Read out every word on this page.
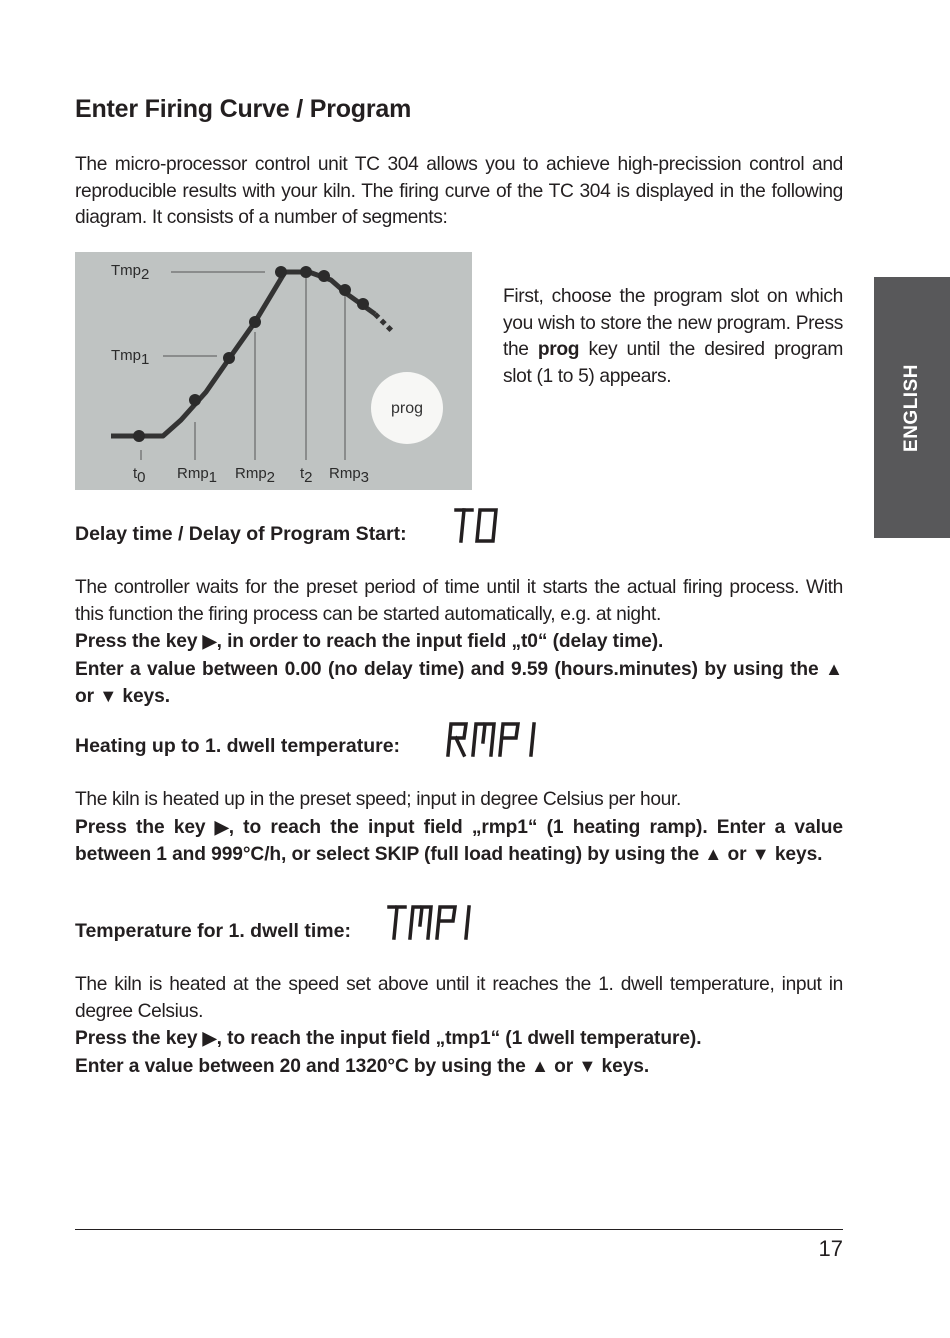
Enter Firing Curve / Program

The micro-processor control unit TC 304 allows you to achieve high-precission control and reproducible results with your kiln. The firing curve of the TC 304 is displayed in the following diagram. It consists of a number of segments:

prog
Tmp2
Tmp1
t0 Rmp1 Rmp2 t2 Rmp3

First, choose the program slot on which you wish to store the new program. Press the prog key until the desired program slot (1 to 5) appears.	ENGLISH
Delay time / Delay of Program Start:

The controller waits for the preset period of time until it starts the actual firing process. With this function the firing process can be started automatically, e.g. at night.
Press the key ▶, in order to reach the input field „t0“ (delay time).
Enter a value between 0.00 (no delay time) and 9.59 (hours.minutes) by using the ▲ or ▼ keys.

Heating up to 1. dwell temperature:

The kiln is heated up in the preset speed; input in degree Celsius per hour.
Press the key ▶, to reach the input field „rmp1“ (1 heating ramp). Enter a value between 1 and 999°C/h, or select SKIP (full load heating) by using the ▲ or ▼ keys.

Temperature for 1. dwell time:

The kiln is heated at the speed set above until it reaches the 1. dwell temperature, input in degree Celsius.
Press the key ▶, to reach the input field „tmp1“ (1 dwell temperature).
Enter a value between 20 and 1320°C by using the ▲ or ▼ keys.

17
